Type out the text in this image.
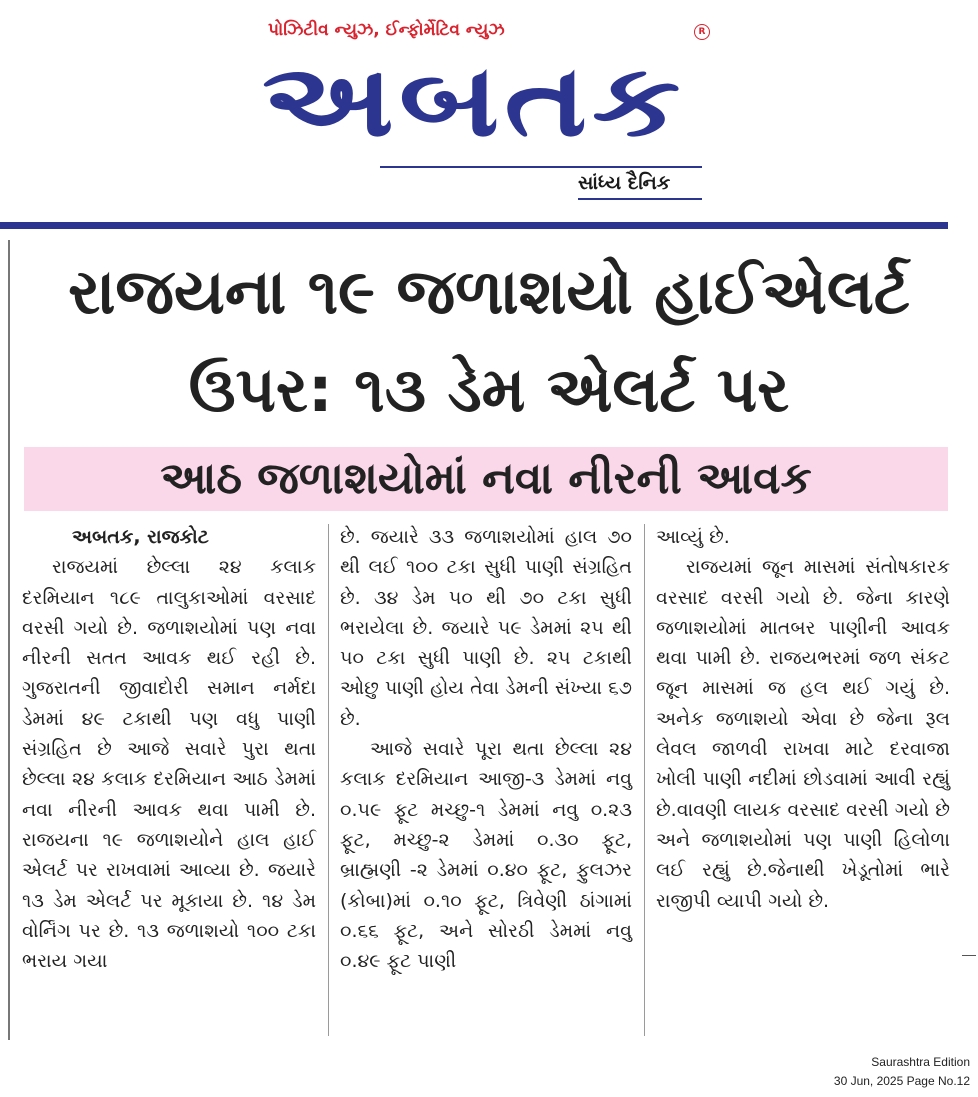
પોઝિટીવ ન્યુઝ, ઈન્ફોર્મેટિવ ન્યુઝ	R
અબતક
સાંધ્ય દૈનિક
રાજયના ૧૯ જળાશયો હાઈએલર્ટ
ઉપર: ૧૩ ડેમ એલર્ટ પર
આઠ જળાશયોમાં નવા નીરની આવક
અબતક, રાજકોટ

રાજયમાં છેલ્લા ૨૪ કલાક દરમિયાન ૧૮૯ તાલુકાઓમાં વરસાદ વરસી ગયો છે. જળાશયોમાં પણ નવા નીરની સતત આવક થઈ રહી છે. ગુજરાતની જીવાદોરી સમાન નર્મદા ડેમમાં ૪૯ ટકાથી પણ વધુ પાણી સંગ્રહિત છે આજે સવારે પુરા થતા છેલ્લા ૨૪ કલાક દરમિયાન આઠ ડેમમાં નવા નીરની આવક થવા પામી છે. રાજયના ૧૯ જળાશયોને હાલ હાઈ એલર્ટ પર રાખવામાં આવ્યા છે. જયારે ૧૩ ડેમ એલર્ટ પર મૂકાયા છે. ૧૪ ડેમ વોર્નિંગ પર છે. ૧૩ જળાશયો ૧૦૦ ટકા ભરાય ગયા

છે. જયારે ૩૩ જળાશયોમાં હાલ ૭૦ થી લઈ ૧૦૦ ટકા સુધી પાણી સંગ્રહિત છે. ૩૪ ડેમ ૫૦ થી ૭૦ ટકા સુધી ભરાયેલા છે. જયારે ૫૯ ડેમમાં ૨૫ થી ૫૦ ટકા સુધી પાણી છે. ૨૫ ટકાથી ઓછુ પાણી હોય તેવા ડેમની સંખ્યા ૬૭ છે.

આજે સવારે પૂરા થતા છેલ્લા ૨૪ કલાક દરમિયાન આજી-૩ ડેમમાં નવુ ૦.૫૯ ફૂટ મચ્છુ-૧ ડેમમાં નવુ ૦.૨૩ ફૂટ, મચ્છુ-૨ ડેમમાં ૦.૩૦ ફૂટ, બ્રાહ્મણી -૨ ડેમમાં ૦.૪૦ ફૂટ, ફુલઝર (કોબા)માં ૦.૧૦ ફૂટ, ત્રિવેણી ઠાંગામાં ૦.૬૬ ફૂટ, અને સોરઠી ડેમમાં નવુ ૦.૪૯ ફૂટ પાણી

આવ્યું છે.

રાજયમાં જૂન માસમાં સંતોષકારક વરસાદ વરસી ગયો છે. જેના કારણે જળાશયોમાં માતબર પાણીની આવક થવા પામી છે. રાજયભરમાં જળ સંકટ જૂન માસમાં જ હલ થઈ ગયું છે. અનેક જળાશયો એવા છે જેના રૂલ લેવલ જાળવી રાખવા માટે દરવાજા ખોલી પાણી નદીમાં છોડવામાં આવી રહ્યું છે.વાવણી લાયક વરસાદ વરસી ગયો છે અને જળાશયોમાં પણ પાણી હિલોળા લઈ રહ્યું છે.જેનાથી ખેડૂતોમાં ભારે રાજીપી વ્યાપી ગયો છે.

Saurashtra Edition
30 Jun, 2025 Page No.12
